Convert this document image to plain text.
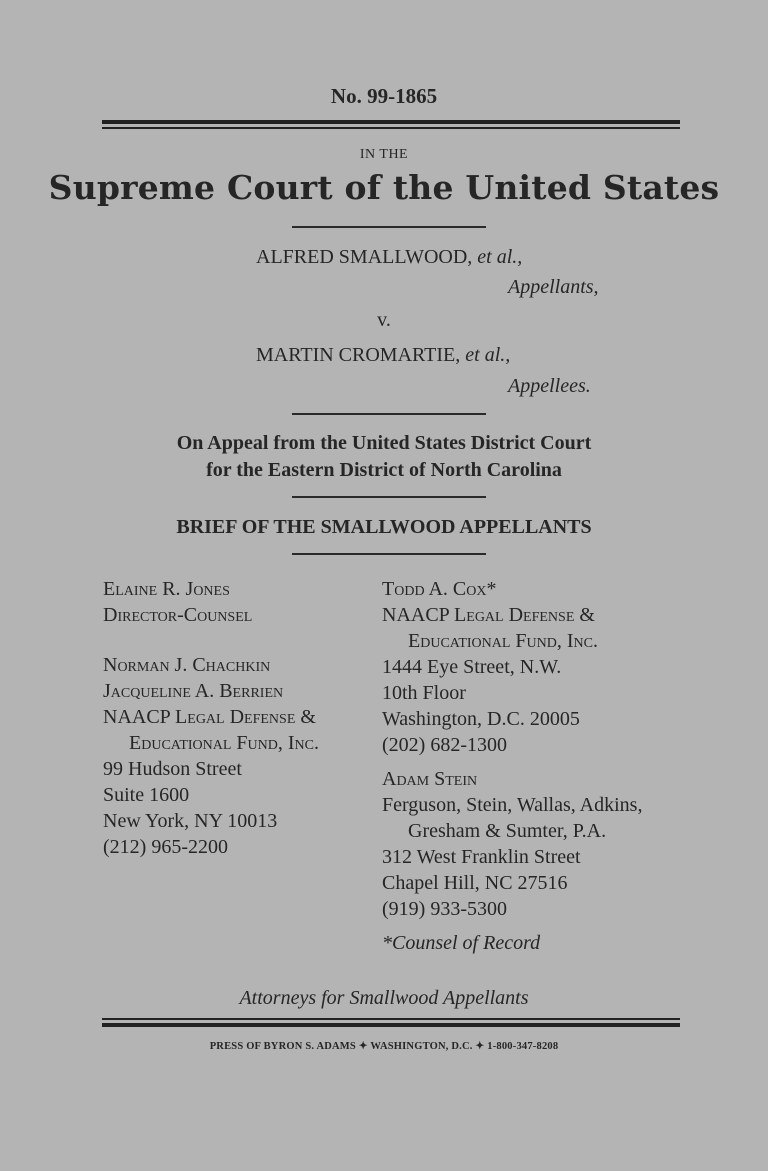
No. 99-1865
IN THE
Supreme Court of the United States
ALFRED SMALLWOOD, et al.,
Appellants,
v.
MARTIN CROMARTIE, et al.,
Appellees.
On Appeal from the United States District Court
for the Eastern District of North Carolina
BRIEF OF THE SMALLWOOD APPELLANTS
Elaine R. Jones
Director-Counsel
Norman J. Chachkin
Jacqueline A. Berrien
NAACP Legal Defense &
Educational Fund, Inc.
99 Hudson Street
Suite 1600
New York, NY 10013
(212) 965-2200
Todd A. Cox*
NAACP Legal Defense &
Educational Fund, Inc.
1444 Eye Street, N.W.
10th Floor
Washington, D.C. 20005
(202) 682-1300
Adam Stein
Ferguson, Stein, Wallas, Adkins,
Gresham & Sumter, P.A.
312 West Franklin Street
Chapel Hill, NC 27516
(919) 933-5300
*Counsel of Record
Attorneys for Smallwood Appellants
PRESS OF BYRON S. ADAMS ✦ WASHINGTON, D.C. ✦ 1-800-347-8208
